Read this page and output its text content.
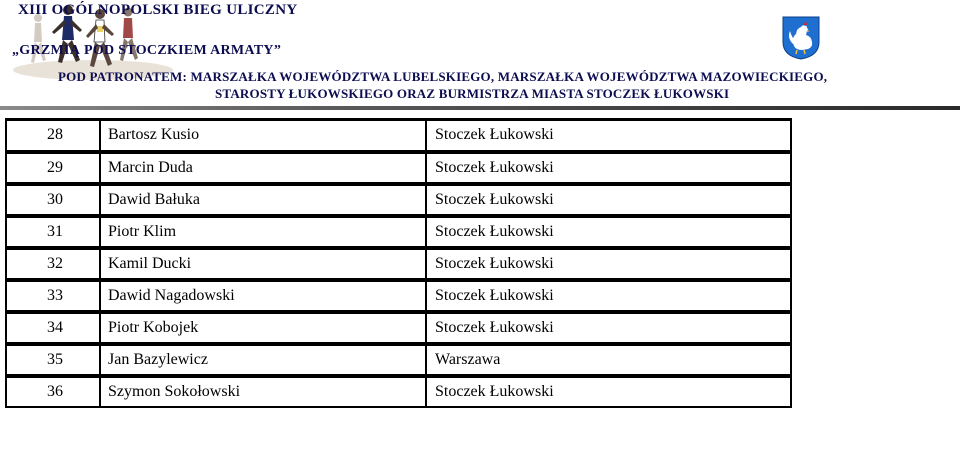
XIII OGÓLNOPOLSKI BIEG ULICZNY
„GRZMIĄ POD STOCZKIEM ARMATY”
POD PATRONATEM: MARSZAŁKA WOJEWÓDZTWA LUBELSKIEGO, MARSZAŁKA WOJEWÓDZTWA MAZOWIECKIEGO,
STAROSTY ŁUKOWSKIEGO ORAZ BURMISTRZA MIASTA STOCZEK ŁUKOWSKI
28	Bartosz Kusio	Stoczek Łukowski
29	Marcin Duda	Stoczek Łukowski
30	Dawid Bałuka	Stoczek Łukowski
31	Piotr Klim	Stoczek Łukowski
32	Kamil Ducki	Stoczek Łukowski
33	Dawid Nagadowski	Stoczek Łukowski
34	Piotr Kobojek	Stoczek Łukowski
35	Jan Bazylewicz	Warszawa
36	Szymon Sokołowski	Stoczek Łukowski
